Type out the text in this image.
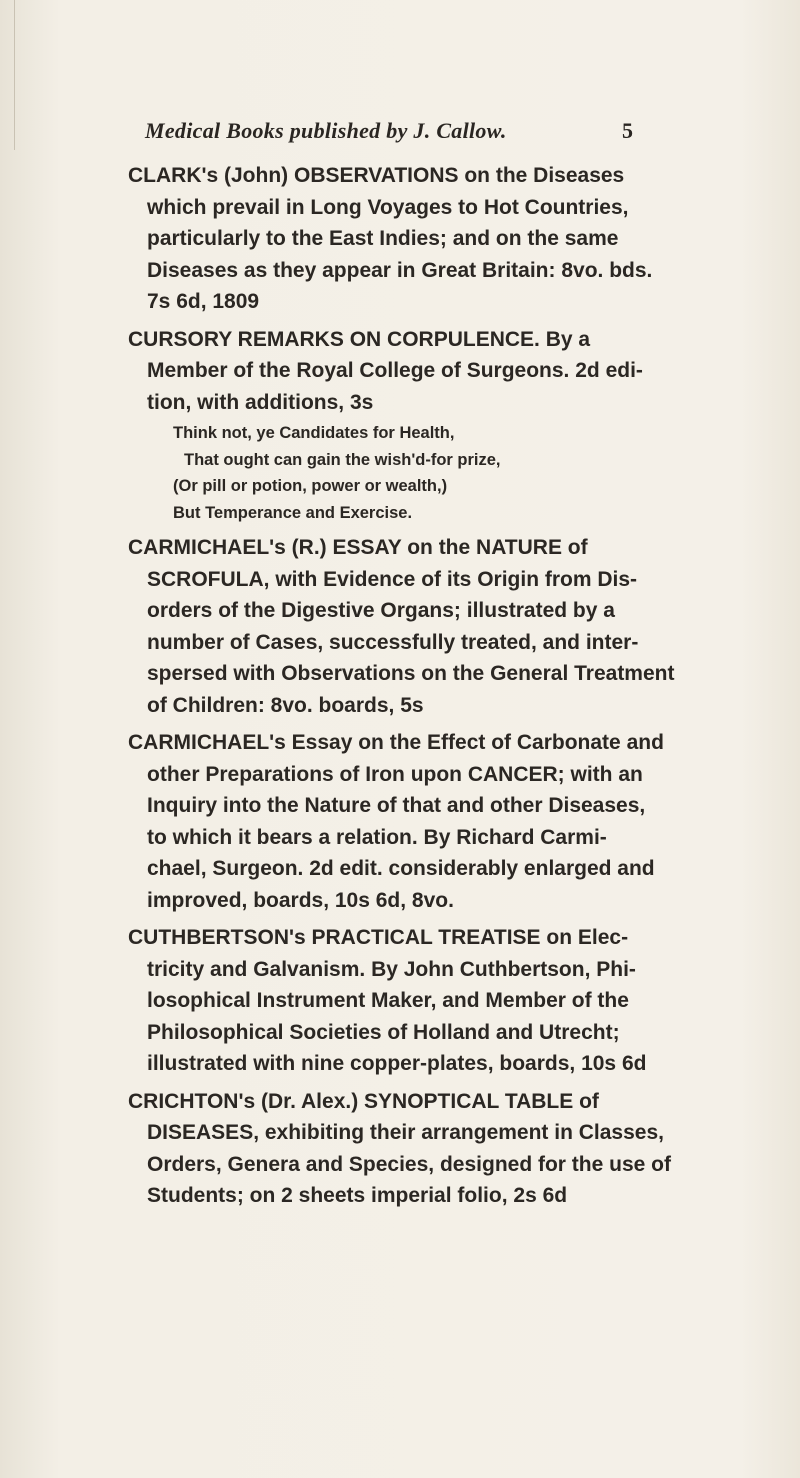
Medical Books published by J. Callow.	5
CLARK's (John) OBSERVATIONS on the Diseases
which prevail in Long Voyages to Hot Countries,
particularly to the East Indies; and on the same
Diseases as they appear in Great Britain: 8vo. bds.
7s 6d, 1809
CURSORY REMARKS ON CORPULENCE. By a
Member of the Royal College of Surgeons. 2d edi-
tion, with additions, 3s
Think not, ye Candidates for Health,
That ought can gain the wish'd-for prize,
(Or pill or potion, power or wealth,)
But Temperance and Exercise.
CARMICHAEL's (R.) ESSAY on the NATURE of
SCROFULA, with Evidence of its Origin from Dis-
orders of the Digestive Organs; illustrated by a
number of Cases, successfully treated, and inter-
spersed with Observations on the General Treatment
of Children: 8vo. boards, 5s
CARMICHAEL's Essay on the Effect of Carbonate and
other Preparations of Iron upon CANCER; with an
Inquiry into the Nature of that and other Diseases,
to which it bears a relation. By Richard Carmi-
chael, Surgeon. 2d edit. considerably enlarged and
improved, boards, 10s 6d, 8vo.
CUTHBERTSON's PRACTICAL TREATISE on Elec-
tricity and Galvanism. By John Cuthbertson, Phi-
losophical Instrument Maker, and Member of the
Philosophical Societies of Holland and Utrecht;
illustrated with nine copper-plates, boards, 10s 6d
CRICHTON's (Dr. Alex.) SYNOPTICAL TABLE of
DISEASES, exhibiting their arrangement in Classes,
Orders, Genera and Species, designed for the use of
Students; on 2 sheets imperial folio, 2s 6d
